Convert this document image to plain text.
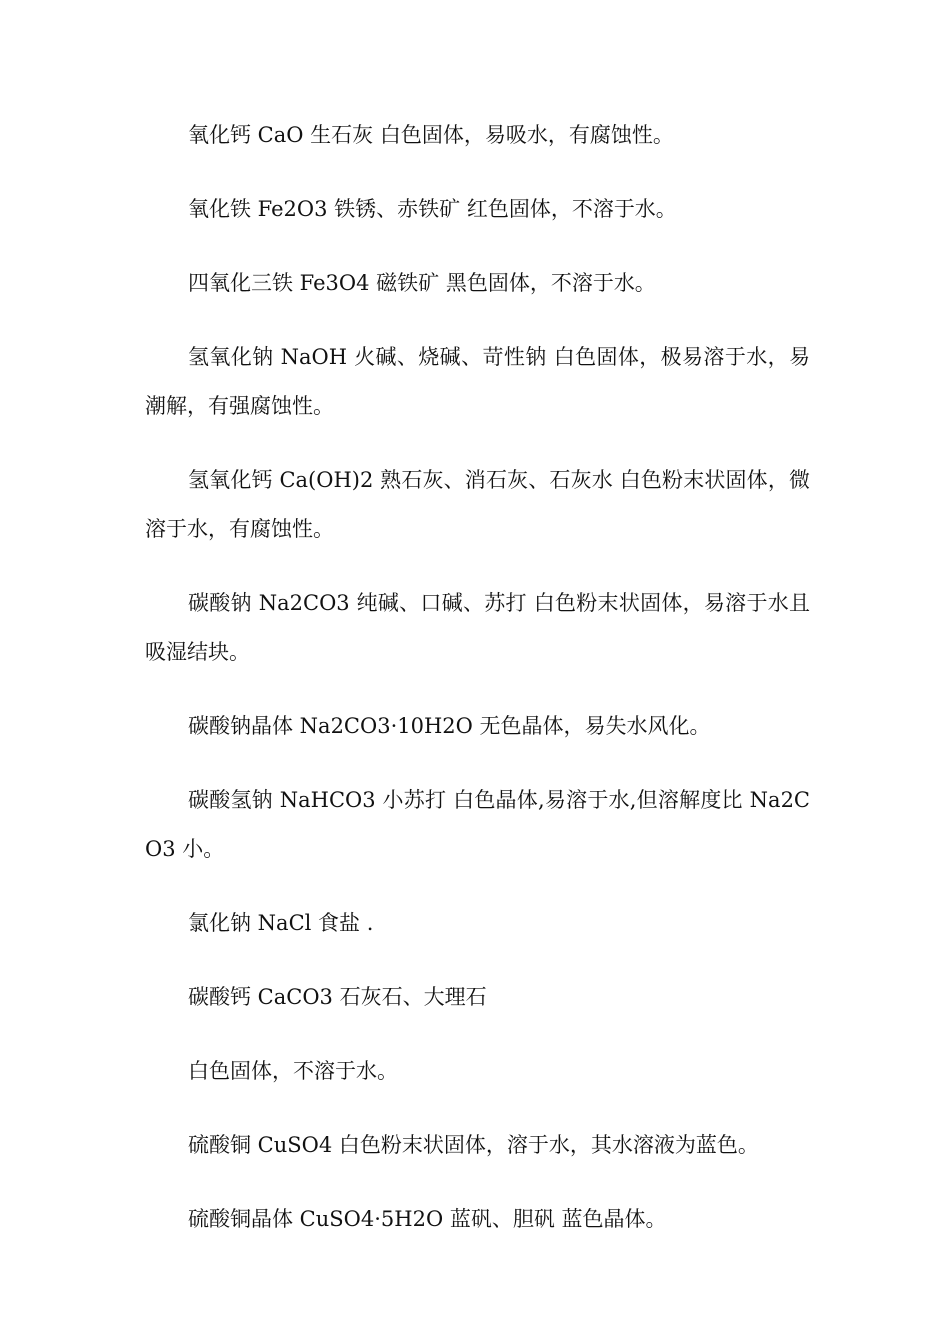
氧化钙 CaO 生石灰 白色固体，易吸水，有腐蚀性。

氧化铁 Fe2O3 铁锈、赤铁矿 红色固体，不溶于水。

四氧化三铁 Fe3O4 磁铁矿 黑色固体，不溶于水。

氢氧化钠 NaOH 火碱、烧碱、苛性钠 白色固体，极易溶于水，易潮解，有强腐蚀性。

氢氧化钙 Ca(OH)2 熟石灰、消石灰、石灰水 白色粉末状固体，微溶于水，有腐蚀性。

碳酸钠 Na2CO3 纯碱、口碱、苏打 白色粉末状固体，易溶于水且吸湿结块。

碳酸钠晶体 Na2CO3·10H2O 无色晶体，易失水风化。

碳酸氢钠 NaHCO3 小苏打 白色晶体,易溶于水,但溶解度比 Na2CO3 小。

氯化钠 NaCl 食盐 .

碳酸钙 CaCO3 石灰石、大理石

白色固体，不溶于水。

硫酸铜 CuSO4 白色粉末状固体，溶于水，其水溶液为蓝色。

硫酸铜晶体 CuSO4·5H2O 蓝矾、胆矾 蓝色晶体。
